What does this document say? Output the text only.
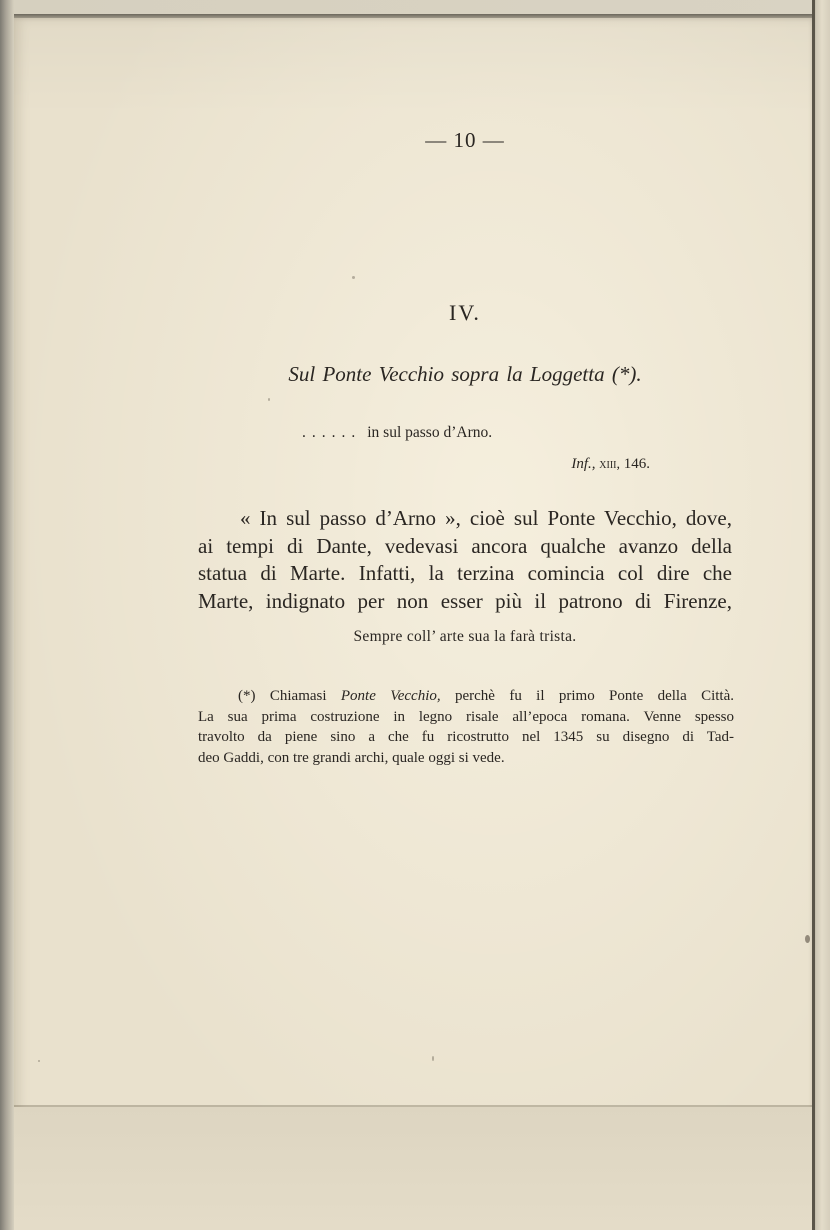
— 10 —
IV.
Sul Ponte Vecchio sopra la Loggetta (*).
...... in sul passo d’Arno.
Inf., xiii, 146.
« In sul passo d’Arno », cioè sul Ponte Vecchio, dove,
ai tempi di Dante, vedevasi ancora qualche avanzo della
statua di Marte. Infatti, la terzina comincia col dire che
Marte, indignato per non esser più il patrono di Firenze,
Sempre coll’ arte sua la farà trista.
(*) Chiamasi Ponte Vecchio, perchè fu il primo Ponte della Città.
La sua prima costruzione in legno risale all’epoca romana. Venne spesso
travolto da piene sino a che fu ricostrutto nel 1345 su disegno di Tad-
deo Gaddi, con tre grandi archi, quale oggi si vede.
